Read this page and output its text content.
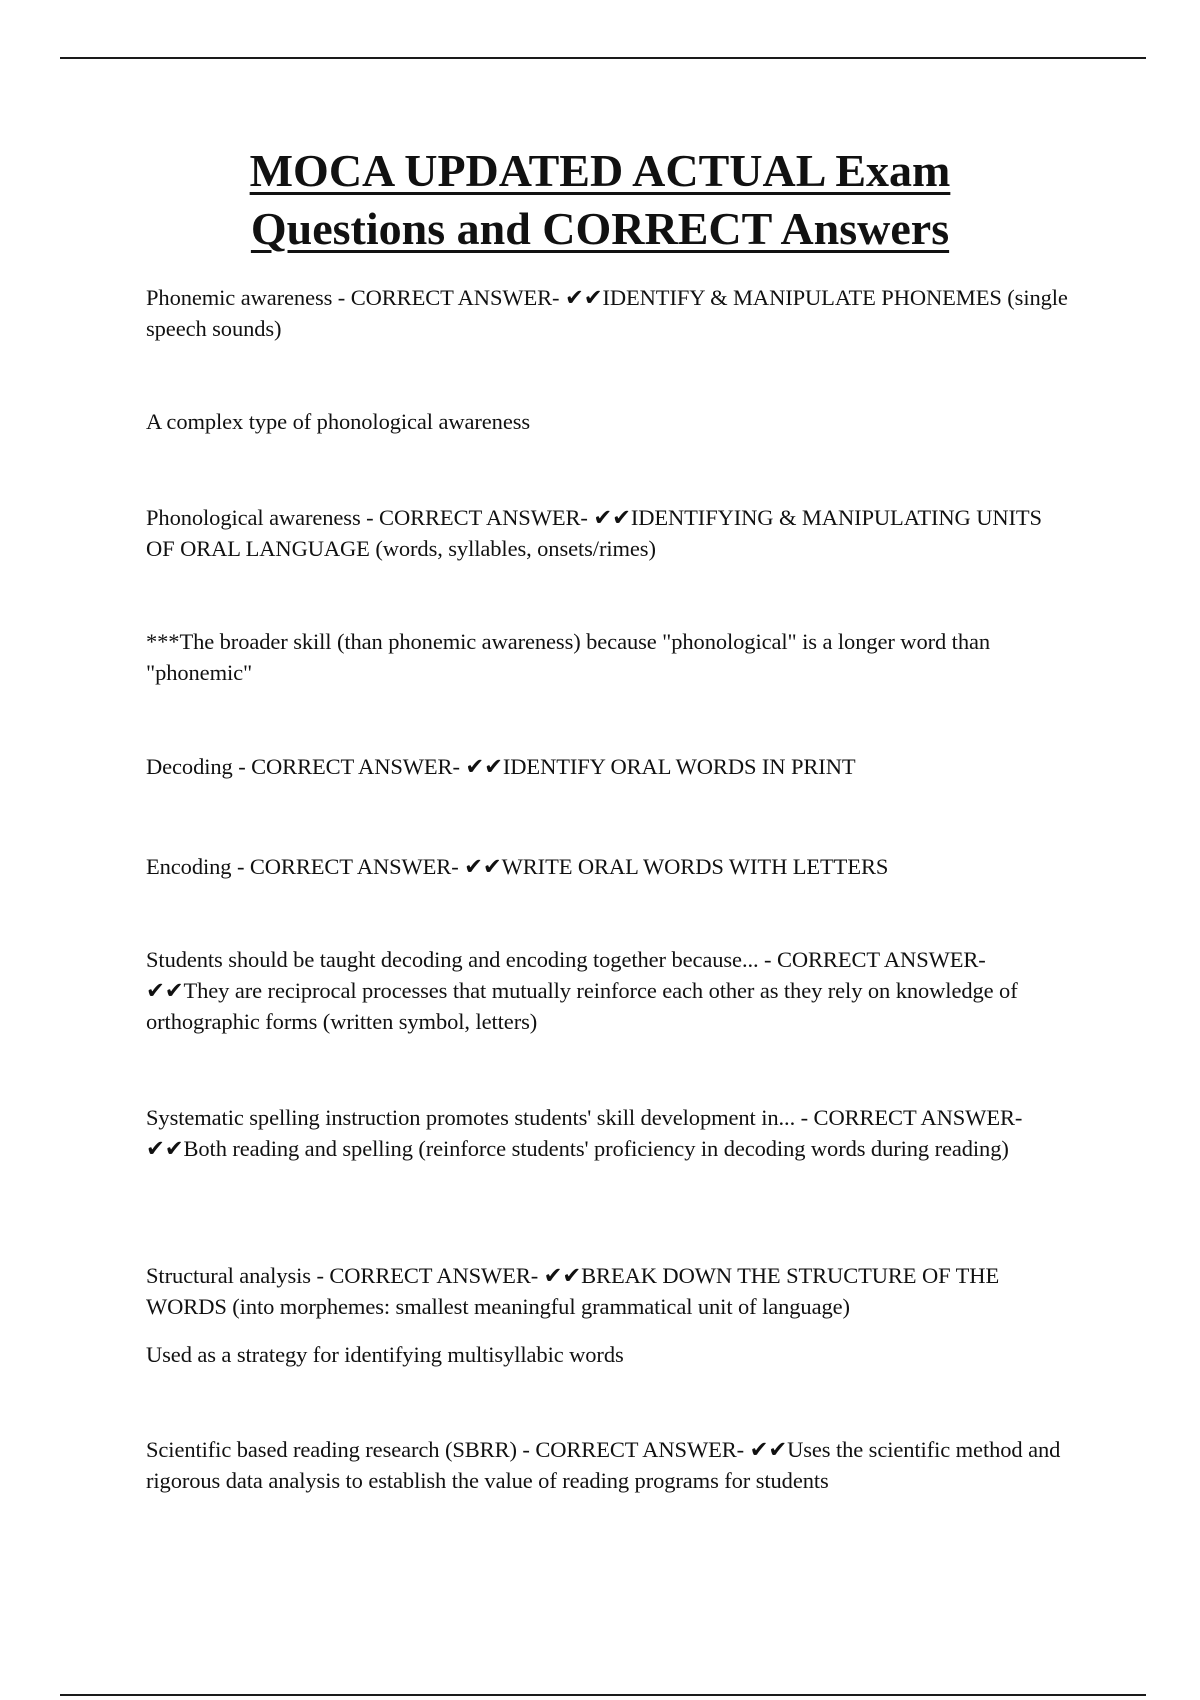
MOCA UPDATED ACTUAL Exam
Questions and CORRECT Answers

Phonemic awareness - CORRECT ANSWER- ✔✔IDENTIFY & MANIPULATE PHONEMES (single speech sounds)

A complex type of phonological awareness

Phonological awareness - CORRECT ANSWER- ✔✔IDENTIFYING & MANIPULATING UNITS OF ORAL LANGUAGE (words, syllables, onsets/rimes)

***The broader skill (than phonemic awareness) because "phonological" is a longer word than "phonemic"

Decoding - CORRECT ANSWER- ✔✔IDENTIFY ORAL WORDS IN PRINT

Encoding - CORRECT ANSWER- ✔✔WRITE ORAL WORDS WITH LETTERS

Students should be taught decoding and encoding together because... - CORRECT ANSWER- ✔✔They are reciprocal processes that mutually reinforce each other as they rely on knowledge of orthographic forms (written symbol, letters)

Systematic spelling instruction promotes students' skill development in... - CORRECT ANSWER- ✔✔Both reading and spelling (reinforce students' proficiency in decoding words during reading)

Structural analysis - CORRECT ANSWER- ✔✔BREAK DOWN THE STRUCTURE OF THE WORDS (into morphemes: smallest meaningful grammatical unit of language)

Used as a strategy for identifying multisyllabic words

Scientific based reading research (SBRR) - CORRECT ANSWER- ✔✔Uses the scientific method and rigorous data analysis to establish the value of reading programs for students
